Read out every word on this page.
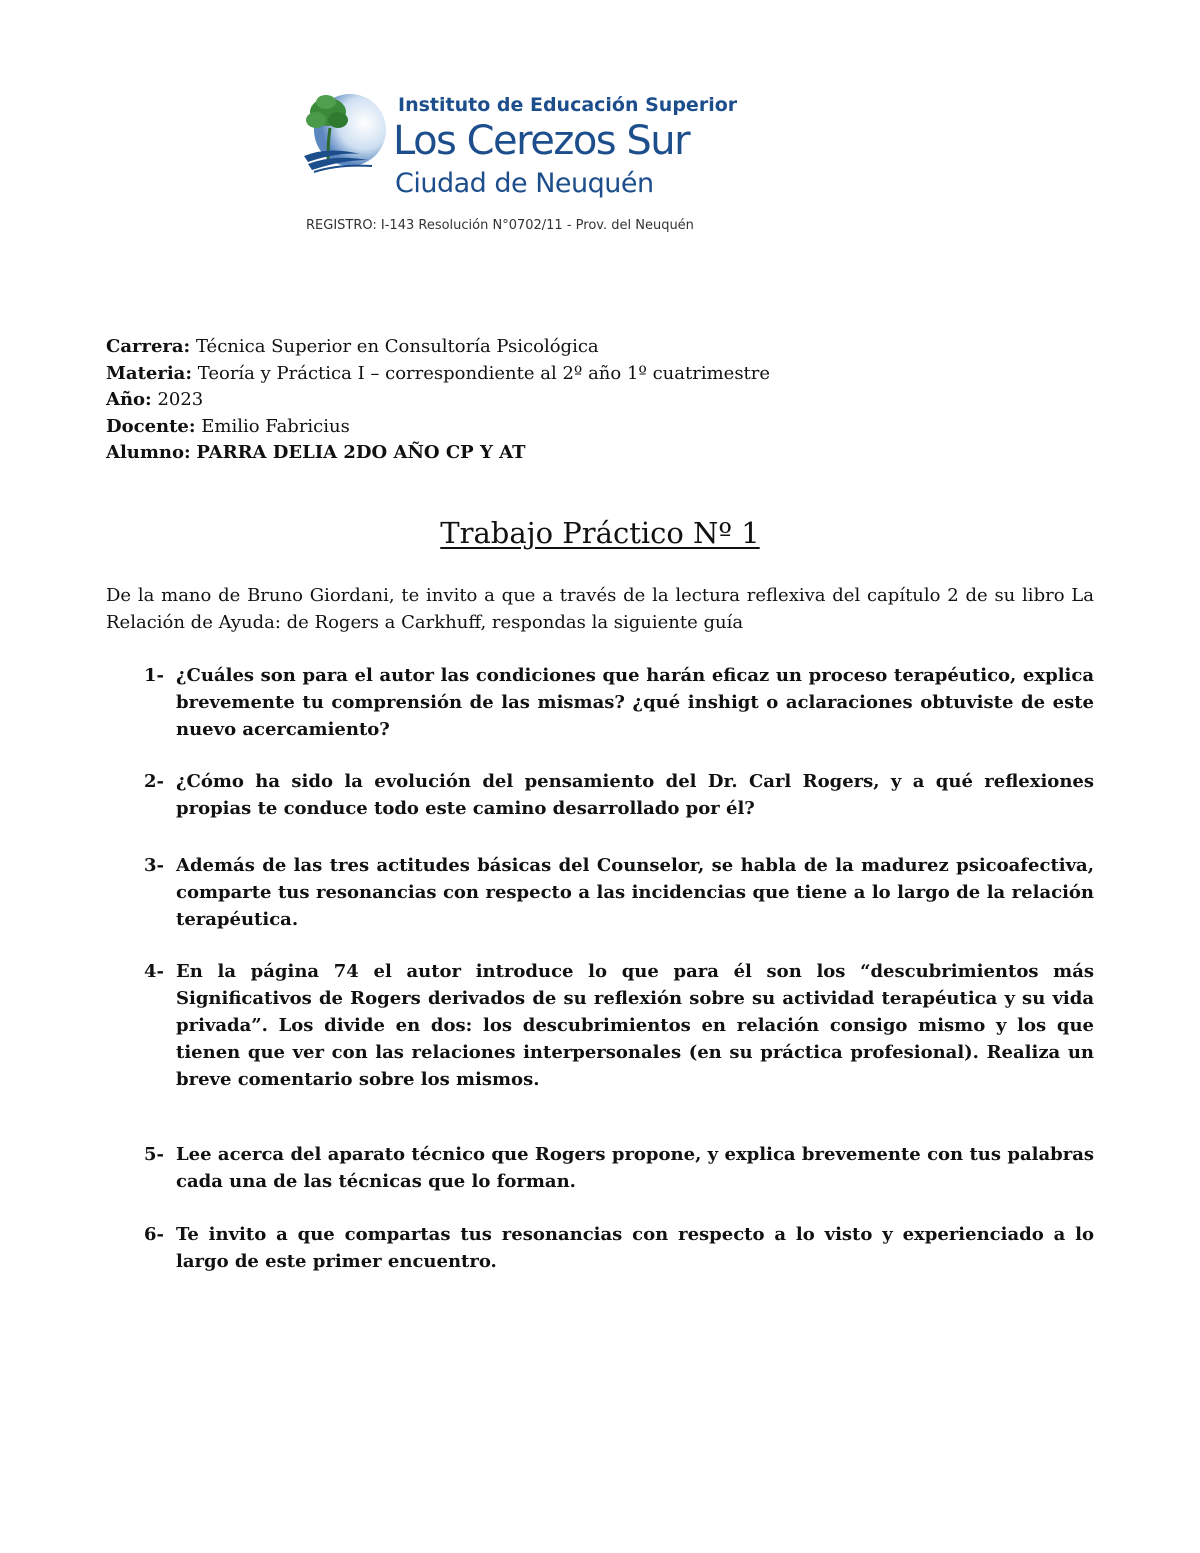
Instituto de Educación Superior
Los Cerezos Sur
Ciudad de Neuquén
REGISTRO: I-143 Resolución N°0702/11 - Prov. del Neuquén
Carrera: Técnica Superior en Consultoría Psicológica
Materia: Teoría y Práctica I – correspondiente al 2º año 1º cuatrimestre
Año: 2023
Docente: Emilio Fabricius
Alumno: PARRA DELIA 2DO AÑO CP Y AT
Trabajo Práctico Nº 1
De la mano de Bruno Giordani, te invito a que a través de la lectura reflexiva del capítulo 2 de su libro La Relación de Ayuda: de Rogers a Carkhuff, respondas la siguiente guía
1- ¿Cuáles son para el autor las condiciones que harán eficaz un proceso terapéutico, explica brevemente tu comprensión de las mismas? ¿qué inshigt o aclaraciones obtuviste de este nuevo acercamiento?
2- ¿Cómo ha sido la evolución del pensamiento del Dr. Carl Rogers, y a qué reflexiones propias te conduce todo este camino desarrollado por él?
3- Además de las tres actitudes básicas del Counselor, se habla de la madurez psicoafectiva, comparte tus resonancias con respecto a las incidencias que tiene a lo largo de la relación terapéutica.
4- En la página 74 el autor introduce lo que para él son los “descubrimientos más Significativos de Rogers derivados de su reflexión sobre su actividad terapéutica y su vida privada”. Los divide en dos: los descubrimientos en relación consigo mismo y los que tienen que ver con las relaciones interpersonales (en su práctica profesional). Realiza un breve comentario sobre los mismos.
5- Lee acerca del aparato técnico que Rogers propone, y explica brevemente con tus palabras cada una de las técnicas que lo forman.
6- Te invito a que compartas tus resonancias con respecto a lo visto y experienciado a lo largo de este primer encuentro.
